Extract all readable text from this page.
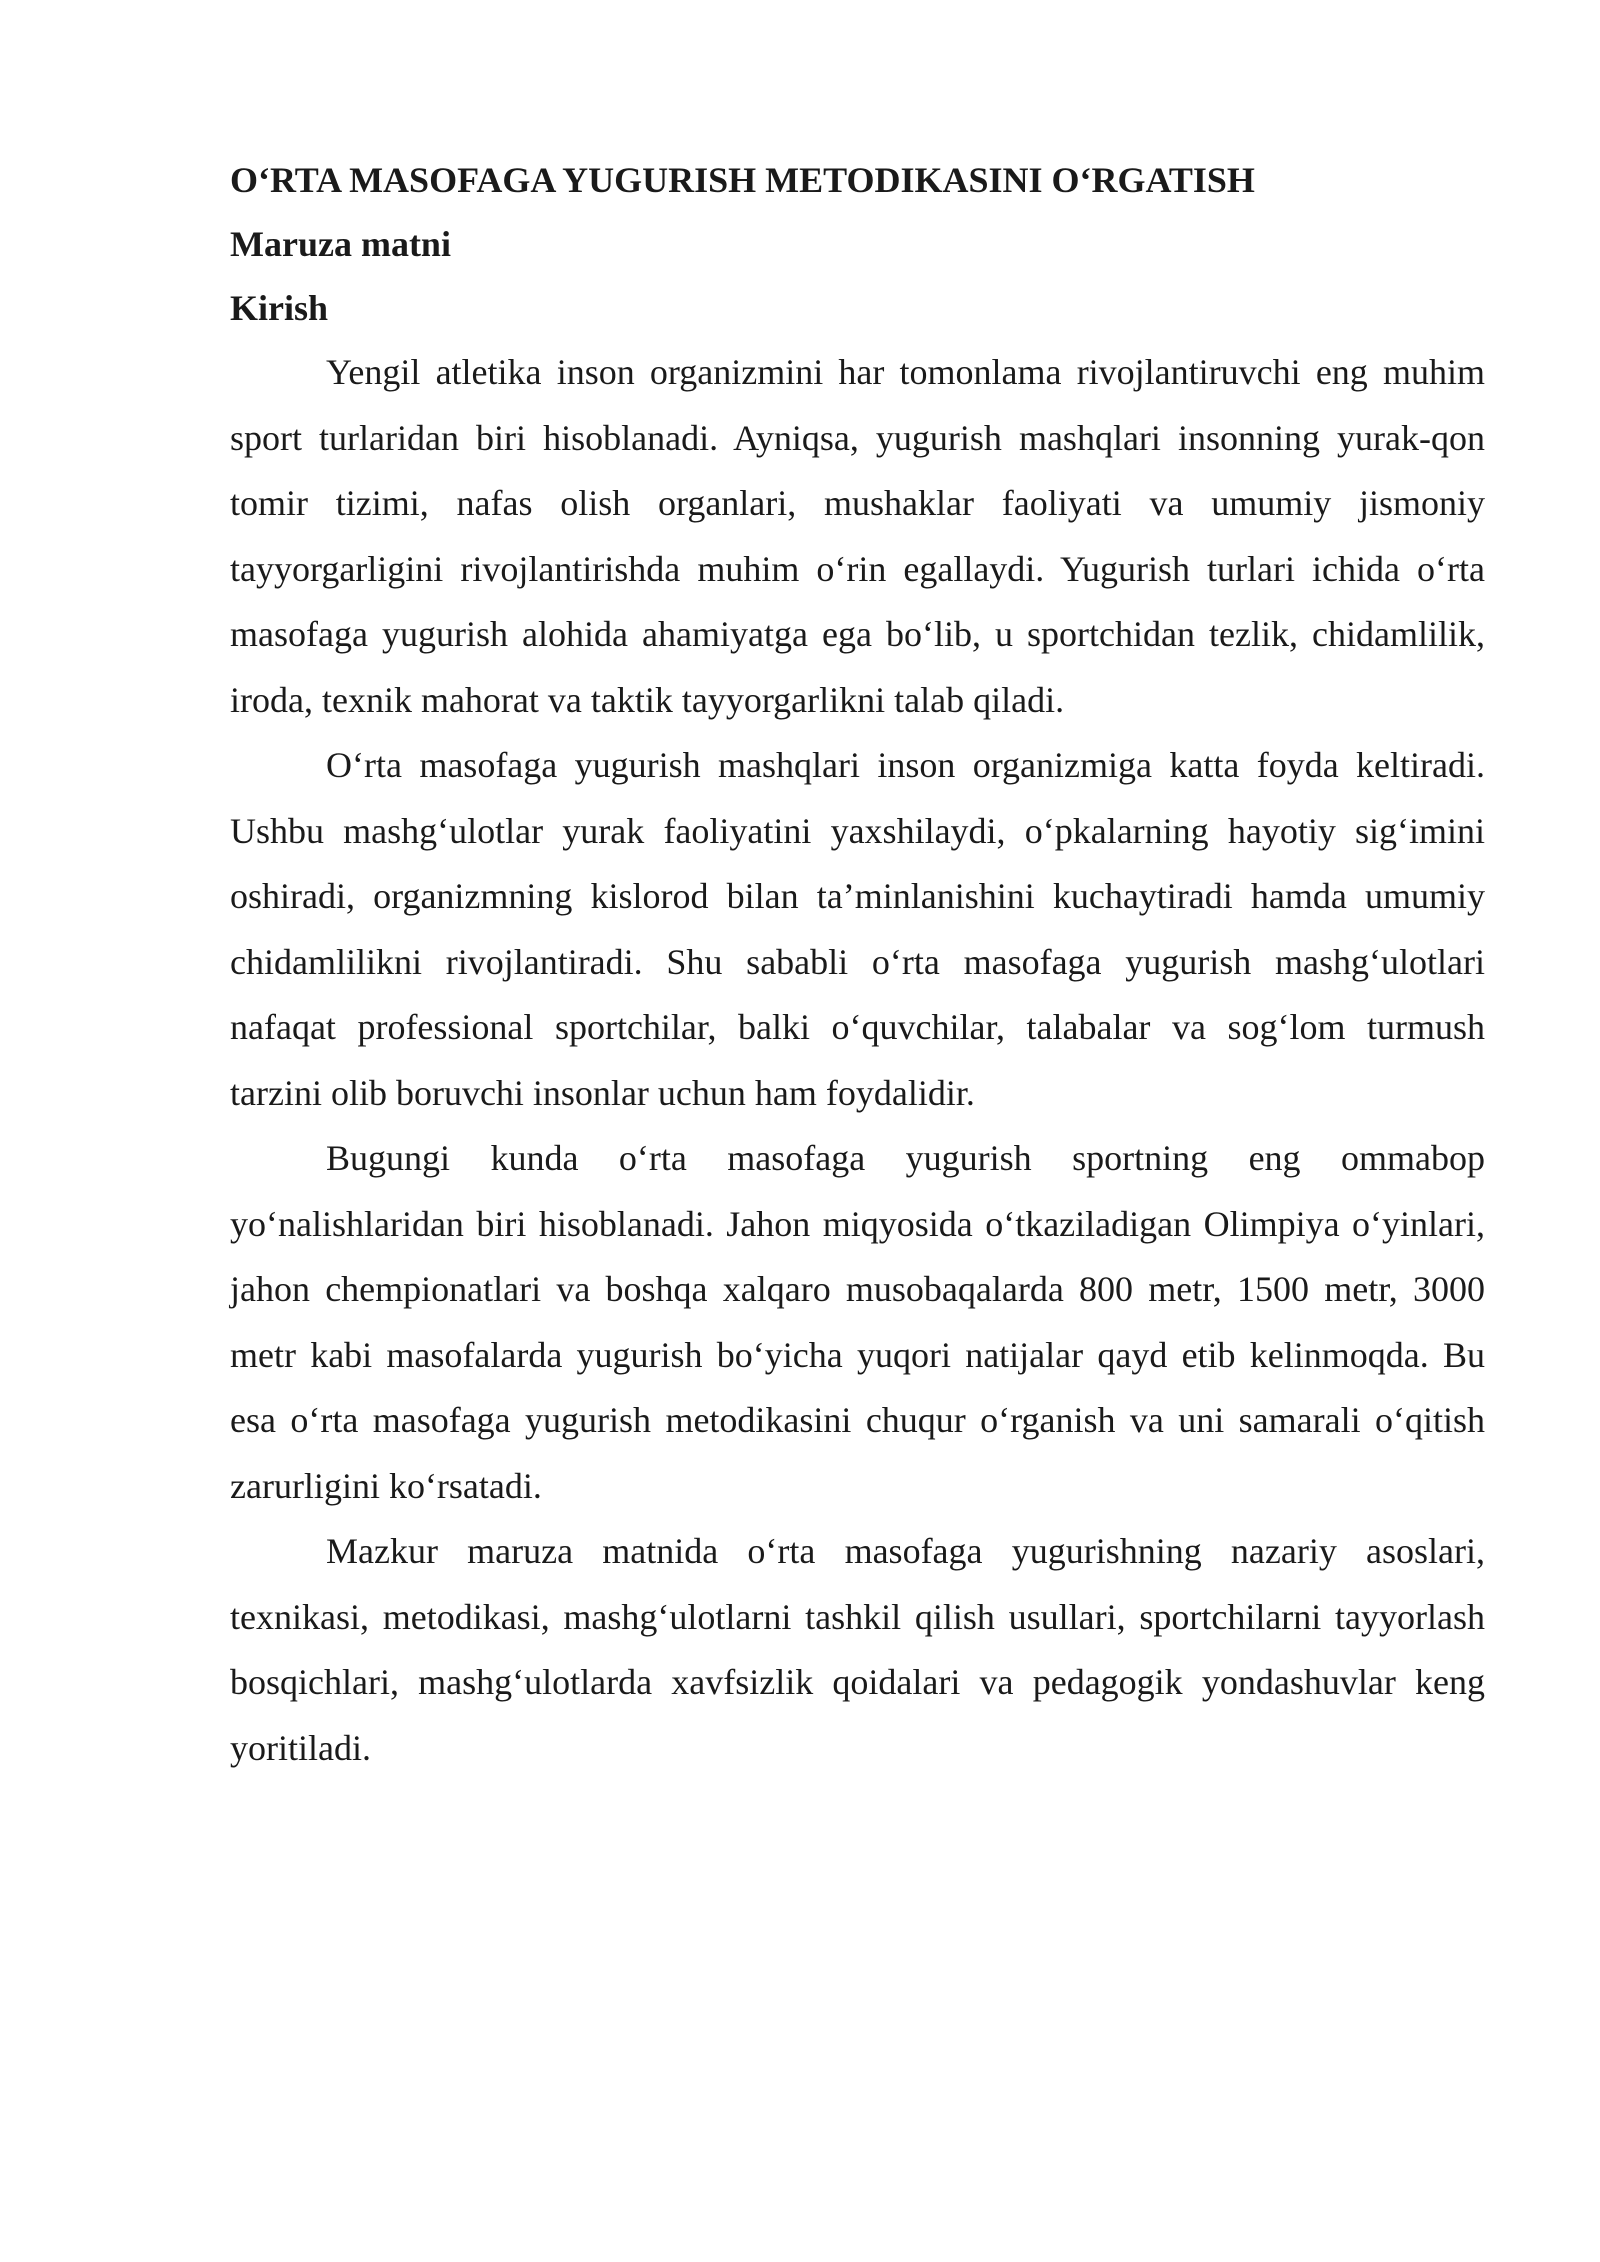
O‘RTA MASOFAGA YUGURISH METODIKASINI O‘RGATISH
Maruza matni
Kirish

Yengil atletika inson organizmini har tomonlama rivojlantiruvchi eng muhim sport turlaridan biri hisoblanadi. Ayniqsa, yugurish mashqlari insonning yurak-qon tomir tizimi, nafas olish organlari, mushaklar faoliyati va umumiy jismoniy tayyorgarligini rivojlantirishda muhim o‘rin egallaydi. Yugurish turlari ichida o‘rta masofaga yugurish alohida ahamiyatga ega bo‘lib, u sportchidan tezlik, chidamlilik, iroda, texnik mahorat va taktik tayyorgarlikni talab qiladi.

O‘rta masofaga yugurish mashqlari inson organizmiga katta foyda keltiradi. Ushbu mashg‘ulotlar yurak faoliyatini yaxshilaydi, o‘pkalarning hayotiy sig‘imini oshiradi, organizmning kislorod bilan ta’minlanishini kuchaytiradi hamda umumiy chidamlilikni rivojlantiradi. Shu sababli o‘rta masofaga yugurish mashg‘ulotlari nafaqat professional sportchilar, balki o‘quvchilar, talabalar va sog‘lom turmush tarzini olib boruvchi insonlar uchun ham foydalidir.

Bugungi kunda o‘rta masofaga yugurish sportning eng ommabop yo‘nalishlaridan biri hisoblanadi. Jahon miqyosida o‘tkaziladigan Olimpiya o‘yinlari, jahon chempionatlari va boshqa xalqaro musobaqalarda 800 metr, 1500 metr, 3000 metr kabi masofalarda yugurish bo‘yicha yuqori natijalar qayd etib kelinmoqda. Bu esa o‘rta masofaga yugurish metodikasini chuqur o‘rganish va uni samarali o‘qitish zarurligini ko‘rsatadi.

Mazkur maruza matnida o‘rta masofaga yugurishning nazariy asoslari, texnikasi, metodikasi, mashg‘ulotlarni tashkil qilish usullari, sportchilarni tayyorlash bosqichlari, mashg‘ulotlarda xavfsizlik qoidalari va pedagogik yondashuvlar keng yoritiladi.
